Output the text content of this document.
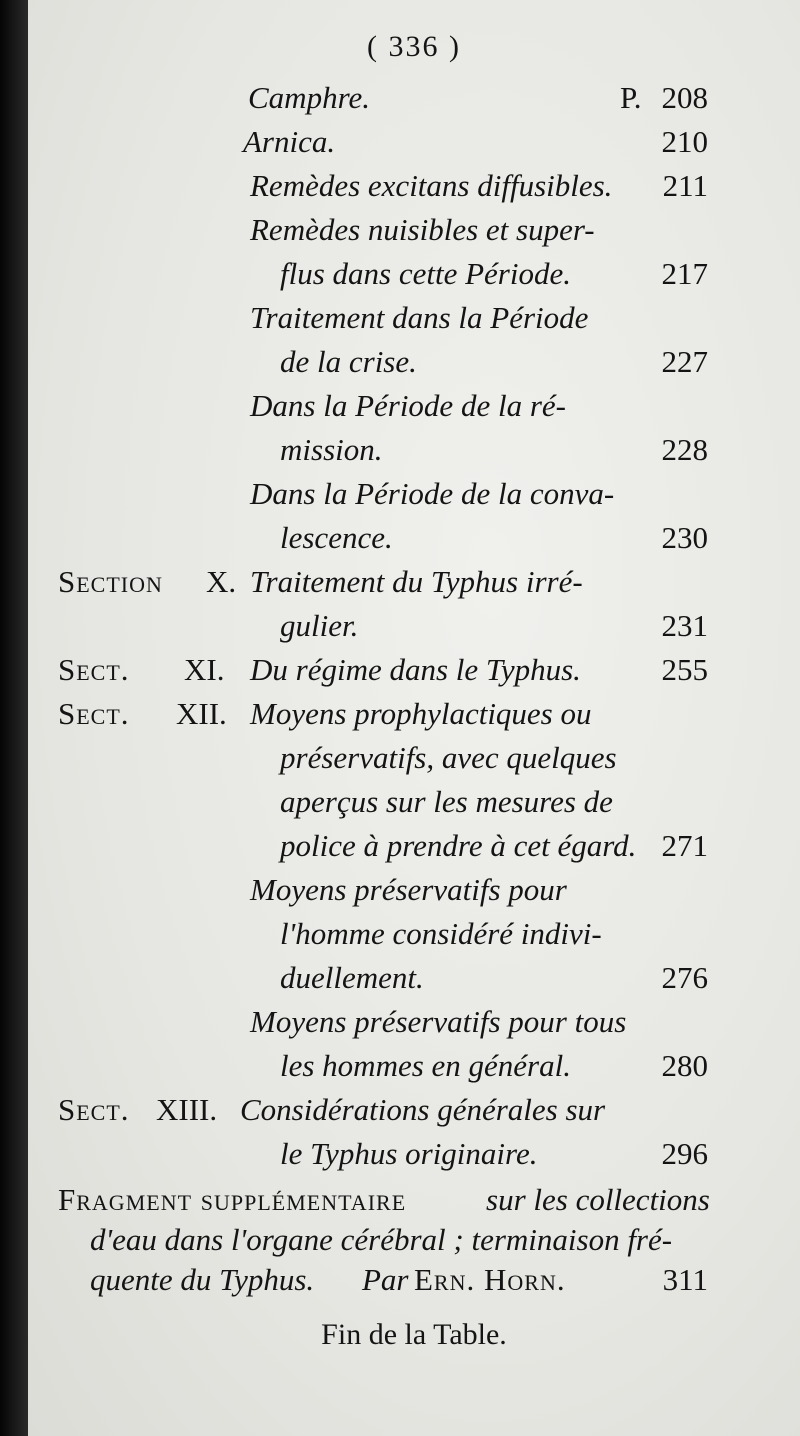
( 336 )
Camphre.	P. 208
Arnica.	210
Remèdes excitans diffusibles. 211
Remèdes nuisibles et super-
flus dans cette Période.	217
Traitement dans la Période
de la crise.	227
Dans la Période de la ré-
mission.	228
Dans la Période de la conva-
lescence.	230
Section X. Traitement du Typhus irré-
gulier.	231
Sect. XI. Du régime dans le Typhus.	255
Sect. XII. Moyens prophylactiques ou
préservatifs, avec quelques
aperçus sur les mesures de
police à prendre à cet égard. 271
Moyens préservatifs pour
l'homme considéré indivi-
duellement.	276
Moyens préservatifs pour tous
les hommes en général.	280
Sect. XIII. Considérations générales sur
le Typhus originaire.	296
Fragment supplémentaire	sur les collections
d'eau dans l'organe cérébral ; terminaison fré-
quente du Typhus. Par Ern. Horn.	311
Fin de la Table.
